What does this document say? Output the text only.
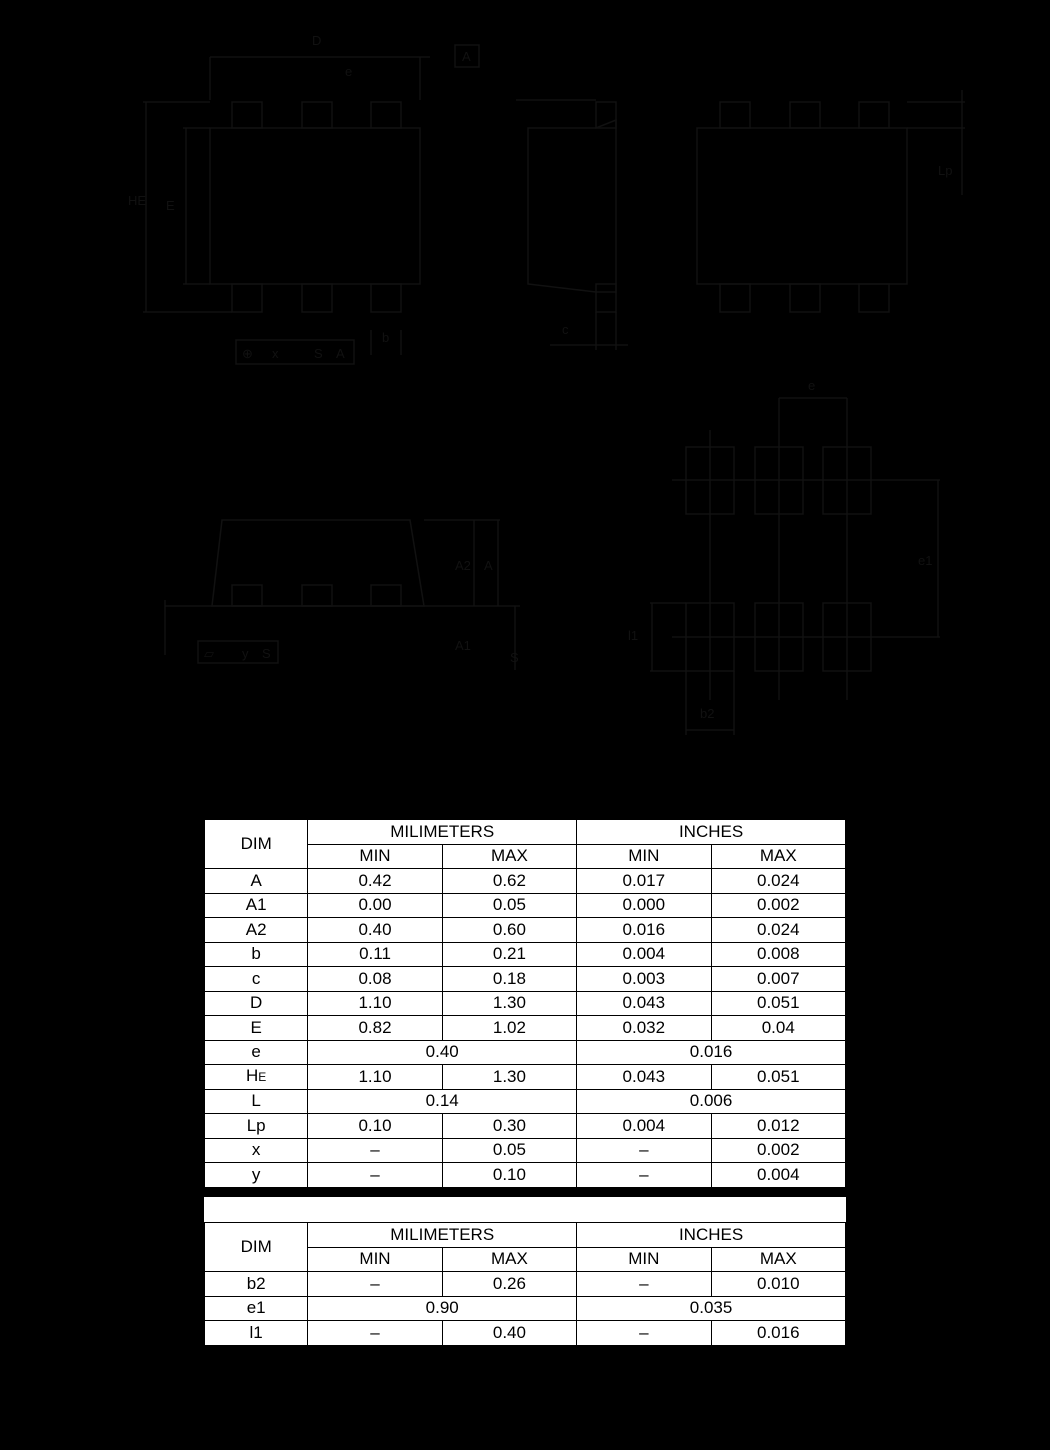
D
A
e
HE E
b
⊕ x	S A
c
Lp
A2 A
A1
S
▱ y S
e
e1
l1
b2
DIM	MILIMETERS		INCHES	
	MIN	MAX	MIN	MAX
A	0.42	0.62	0.017	0.024
A1	0.00	0.05	0.000	0.002
A2	0.40	0.60	0.016	0.024
b	0.11	0.21	0.004	0.008
c	0.08	0.18	0.003	0.007
D	1.10	1.30	0.043	0.051
E	0.82	1.02	0.032	0.04
e	0.40		0.016	
HE	1.10	1.30	0.043	0.051
L	0.14		0.006	
Lp	0.10	0.30	0.004	0.012
x	–	0.05	–	0.002
y	–	0.10	–	0.004
DIM	MILIMETERS		INCHES	
	MIN	MAX	MIN	MAX
b2	–	0.26	–	0.010
e1	0.90		0.035	
l1	–	0.40	–	0.016
